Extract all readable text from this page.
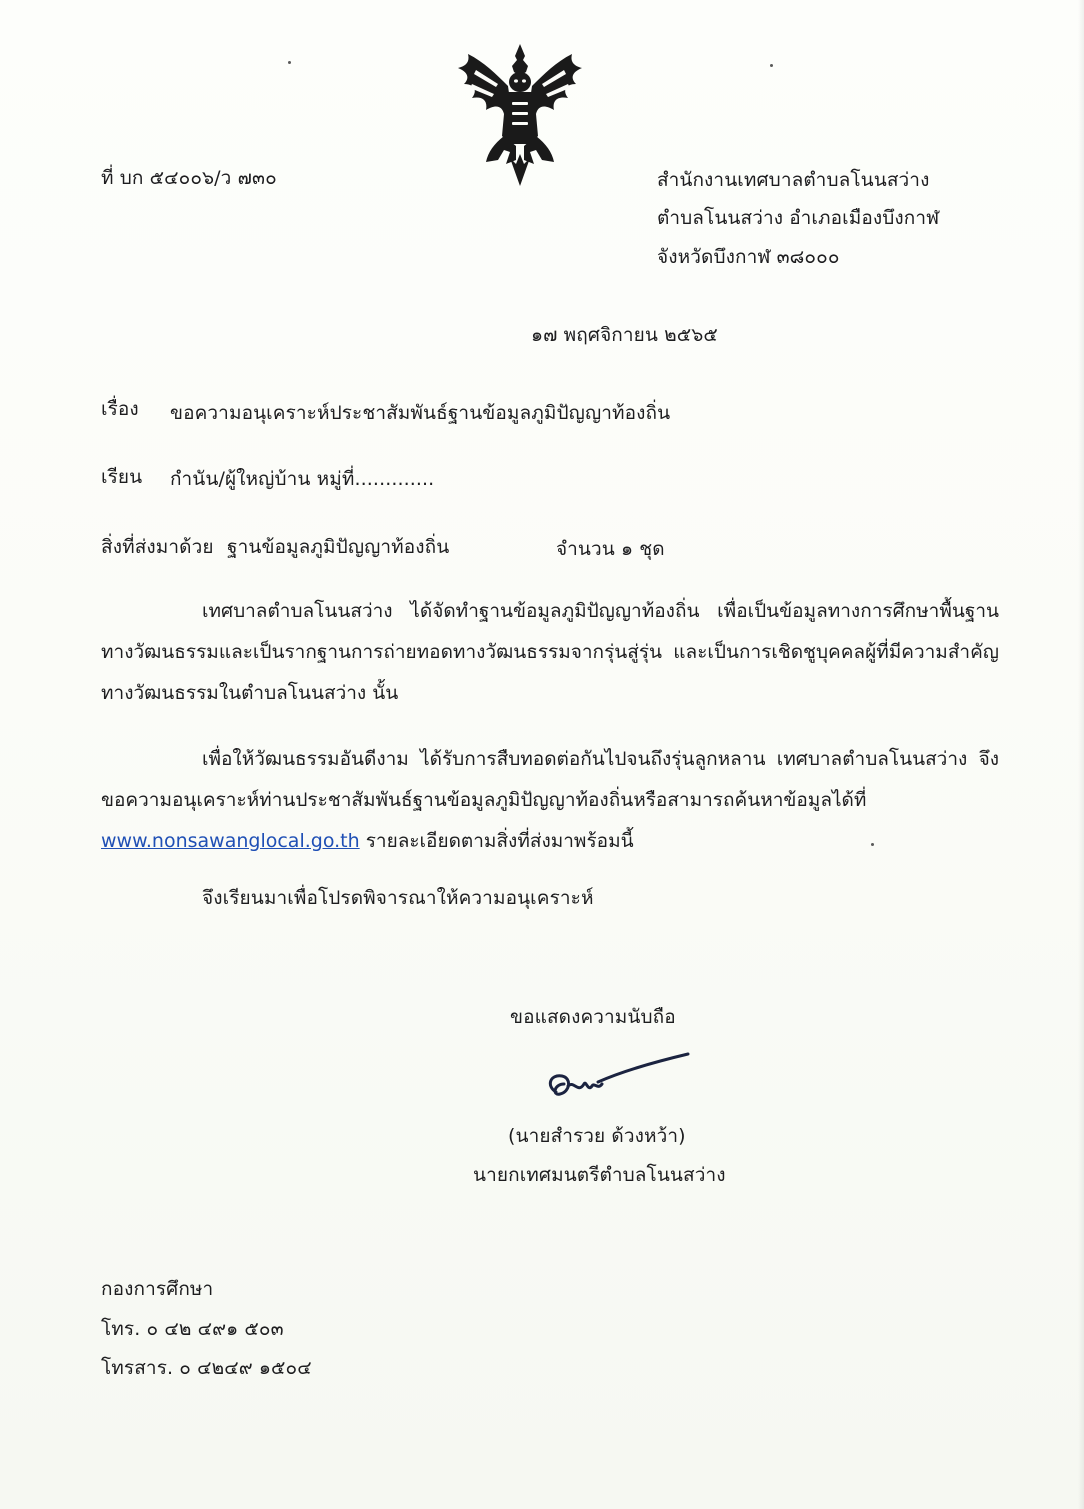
ที่ บก ๕๔๐๐๖/ว ๗๓๐	สำนักงานเทศบาลตำบลโนนสว่าง
ตำบลโนนสว่าง อำเภอเมืองบึงกาฬ
จังหวัดบึงกาฬ ๓๘๐๐๐
๑๗ พฤศจิกายน ๒๕๖๕
เรื่อง ขอความอนุเคราะห์ประชาสัมพันธ์ฐานข้อมูลภูมิปัญญาท้องถิ่น
เรียน กำนัน/ผู้ใหญ่บ้าน หมู่ที่.............
สิ่งที่ส่งมาด้วย ฐานข้อมูลภูมิปัญญาท้องถิ่น	จำนวน ๑ ชุด
เทศบาลตำบลโนนสว่าง ได้จัดทำฐานข้อมูลภูมิปัญญาท้องถิ่น เพื่อเป็นข้อมูลทางการศึกษาพื้นฐานทางวัฒนธรรมและเป็นรากฐานการถ่ายทอดทางวัฒนธรรมจากรุ่นสู่รุ่น และเป็นการเชิดชูบุคคลผู้ที่มีความสำคัญทางวัฒนธรรมในตำบลโนนสว่าง นั้น
เพื่อให้วัฒนธรรมอันดีงาม ได้รับการสืบทอดต่อกันไปจนถึงรุ่นลูกหลาน เทศบาลตำบลโนนสว่าง จึงขอความอนุเคราะห์ท่านประชาสัมพันธ์ฐานข้อมูลภูมิปัญญาท้องถิ่นหรือสามารถค้นหาข้อมูลได้ที่ www.nonsawanglocal.go.th รายละเอียดตามสิ่งที่ส่งมาพร้อมนี้
จึงเรียนมาเพื่อโปรดพิจารณาให้ความอนุเคราะห์
ขอแสดงความนับถือ
(นายสำรวย ด้วงหว้า)
นายกเทศมนตรีตำบลโนนสว่าง
กองการศึกษา
โทร. ๐ ๔๒ ๔๙๑ ๕๐๓
โทรสาร. ๐ ๔๒๔๙ ๑๕๐๔
